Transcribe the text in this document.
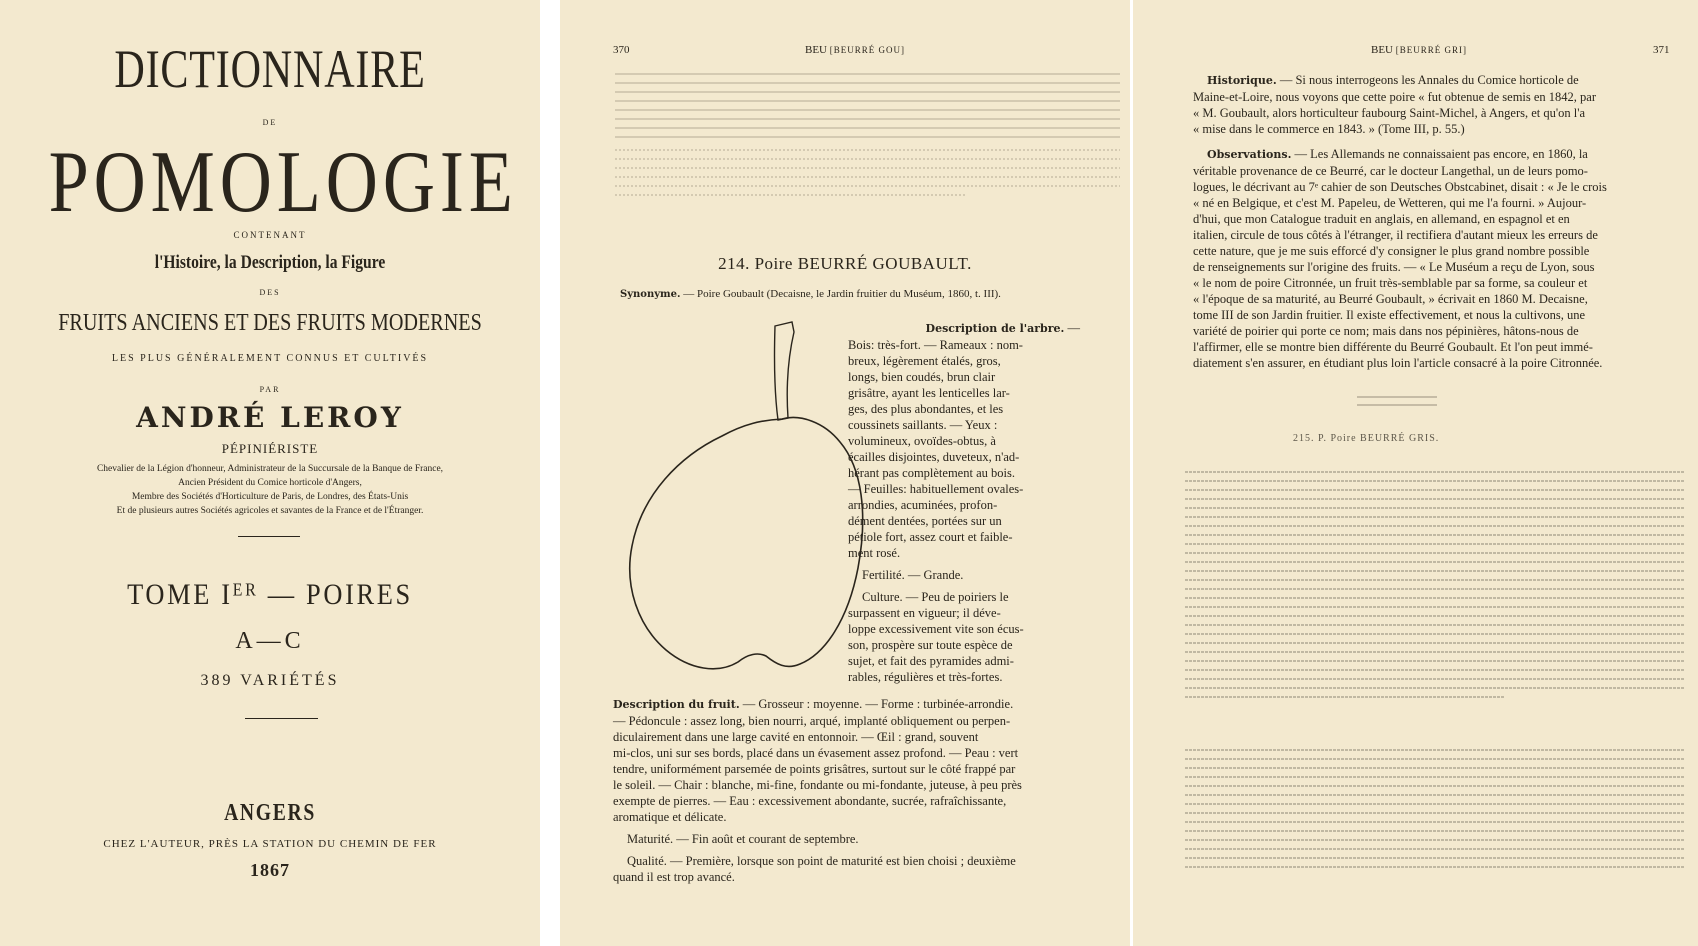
DICTIONNAIRE
DE
POMOLOGIE
CONTENANT
l'Histoire, la Description, la Figure
DES
FRUITS ANCIENS ET DES FRUITS MODERNES
LES PLUS GÉNÉRALEMENT CONNUS ET CULTIVÉS
PAR
ANDRÉ LEROY
PÉPINIÉRISTE
Chevalier de la Légion d'honneur, Administrateur de la Succursale de la Banque de France,
Ancien Président du Comice horticole d'Angers,
Membre des Sociétés d'Horticulture de Paris, de Londres, des États-Unis
Et de plusieurs autres Sociétés agricoles et savantes de la France et de l'Étranger.
TOME Iᴱᴿ — POIRES
A—C
389 VARIÉTÉS
ANGERS
CHEZ L'AUTEUR, PRÈS LA STATION DU CHEMIN DE FER
1867
370	BEU [BEURRÉ GOU]
214. Poire BEURRÉ GOUBAULT.
Synonyme. — Poire Goubault (Decaisne, le Jardin fruitier du Muséum, 1860, t. III).
Description de l'arbre. —
Bois: très-fort. — Rameaux : nom-
breux, légèrement étalés, gros,
longs, bien coudés, brun clair
grisâtre, ayant les lenticelles lar-
ges, des plus abondantes, et les
coussinets saillants. — Yeux :
volumineux, ovoïdes-obtus, à
écailles disjointes, duveteux, n'ad-
hérant pas complètement au bois.
— Feuilles: habituellement ovales-
arrondies, acuminées, profon-
dément dentées, portées sur un
pétiole fort, assez court et faible-
ment rosé.
Fertilité. — Grande.
Culture. — Peu de poiriers le
surpassent en vigueur; il déve-
loppe excessivement vite son écus-
son, prospère sur toute espèce de
sujet, et fait des pyramides admi-
rables, régulières et très-fortes.
Description du fruit. — Grosseur : moyenne. — Forme : turbinée-arrondie.
— Pédoncule : assez long, bien nourri, arqué, implanté obliquement ou perpen-
diculairement dans une large cavité en entonnoir. — Œil : grand, souvent
mi-clos, uni sur ses bords, placé dans un évasement assez profond. — Peau : vert
tendre, uniformément parsemée de points grisâtres, surtout sur le côté frappé par
le soleil. — Chair : blanche, mi-fine, fondante ou mi-fondante, juteuse, à peu près
exempte de pierres. — Eau : excessivement abondante, sucrée, rafraîchissante,
aromatique et délicate.
Maturité. — Fin août et courant de septembre.
Qualité. — Première, lorsque son point de maturité est bien choisi ; deuxième
quand il est trop avancé.
BEU [BEURRÉ GRI]	371
Historique. — Si nous interrogeons les Annales du Comice horticole de
Maine-et-Loire, nous voyons que cette poire « fut obtenue de semis en 1842, par
« M. Goubault, alors horticulteur faubourg Saint-Michel, à Angers, et qu'on l'a
« mise dans le commerce en 1843. » (Tome III, p. 55.)
Observations. — Les Allemands ne connaissaient pas encore, en 1860, la
véritable provenance de ce Beurré, car le docteur Langethal, un de leurs pomo-
logues, le décrivant au 7ᵉ cahier de son Deutsches Obstcabinet, disait : « Je le crois
« né en Belgique, et c'est M. Papeleu, de Wetteren, qui me l'a fourni. » Aujour-
d'hui, que mon Catalogue traduit en anglais, en allemand, en espagnol et en
italien, circule de tous côtés à l'étranger, il rectifiera d'autant mieux les erreurs de
cette nature, que je me suis efforcé d'y consigner le plus grand nombre possible
de renseignements sur l'origine des fruits. — « Le Muséum a reçu de Lyon, sous
« le nom de poire Citronnée, un fruit très-semblable par sa forme, sa couleur et
« l'époque de sa maturité, au Beurré Goubault, » écrivait en 1860 M. Decaisne,
tome III de son Jardin fruitier. Il existe effectivement, et nous la cultivons, une
variété de poirier qui porte ce nom; mais dans nos pépinières, hâtons-nous de
l'affirmer, elle se montre bien différente du Beurré Goubault. Et l'on peut immé-
diatement s'en assurer, en étudiant plus loin l'article consacré à la poire Citronnée.
215. P. Poire BEURRÉ GRIS.
